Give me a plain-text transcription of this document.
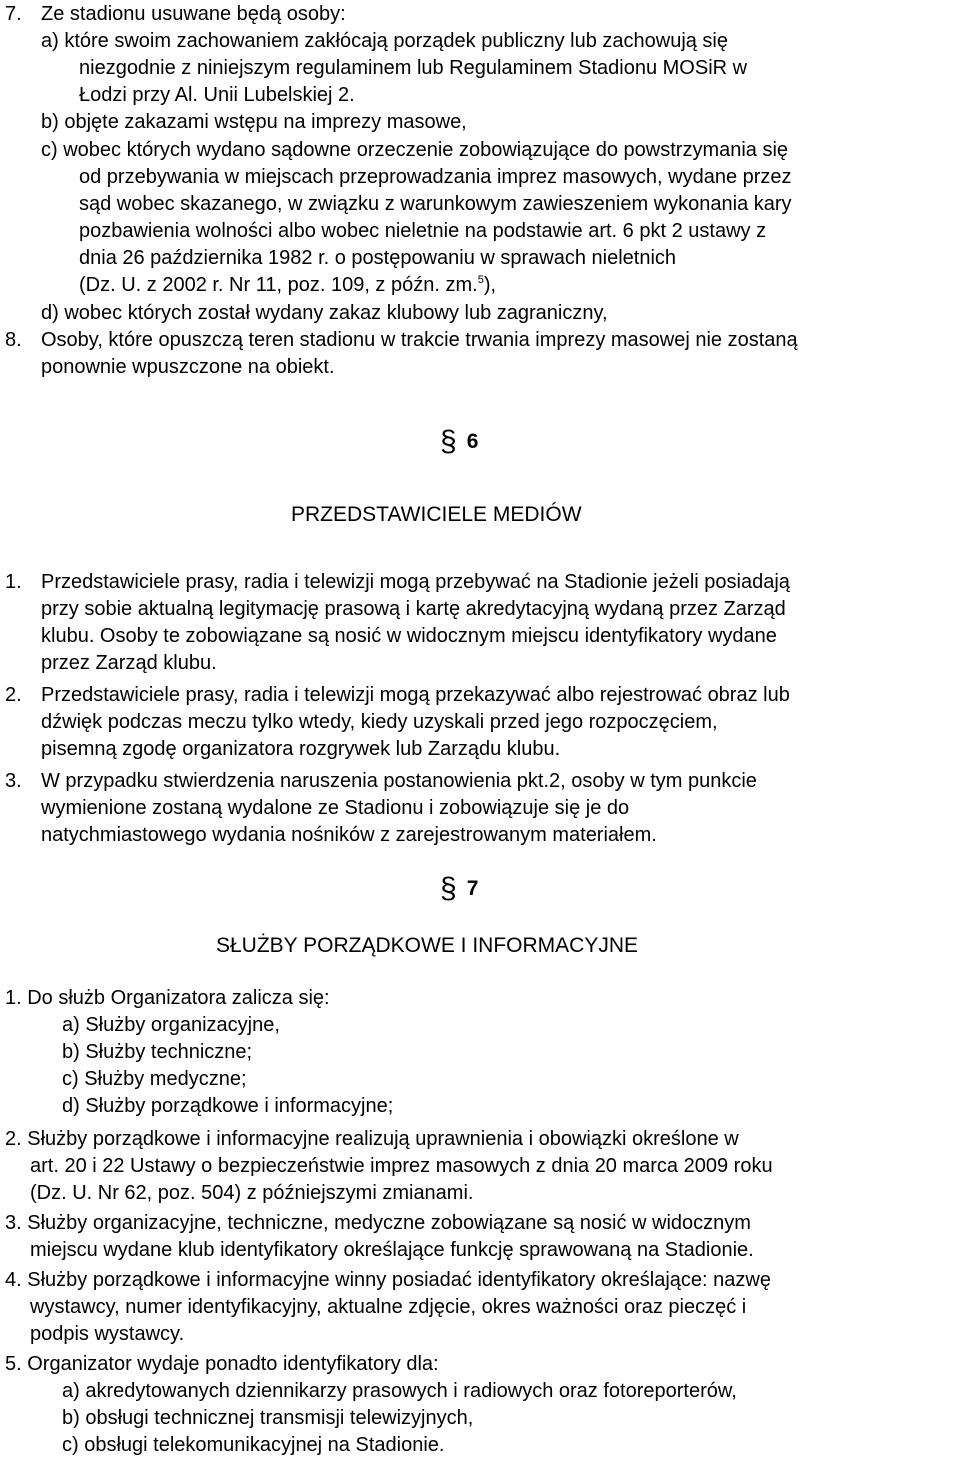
7. Ze stadionu usuwane będą osoby:
a) które swoim zachowaniem zakłócają porządek publiczny lub zachowują się
niezgodnie z niniejszym regulaminem lub Regulaminem Stadionu MOSiR w
Łodzi przy Al. Unii Lubelskiej 2.
b) objęte zakazami wstępu na imprezy masowe,
c) wobec których wydano sądowne orzeczenie zobowiązujące do powstrzymania się
od przebywania w miejscach przeprowadzania imprez masowych, wydane przez
sąd wobec skazanego, w związku z warunkowym zawieszeniem wykonania kary
pozbawienia wolności albo wobec nieletnie na podstawie art. 6 pkt 2 ustawy z
dnia 26 października 1982 r. o postępowaniu w sprawach nieletnich
(Dz. U. z 2002 r. Nr 11, poz. 109, z późn. zm.$^5$),
d) wobec których został wydany zakaz klubowy lub zagraniczny,
8. Osoby, które opuszczą teren stadionu w trakcie trwania imprezy masowej nie zostaną
ponownie wpuszczone na obiekt.
§ 6
PRZEDSTAWICIELE MEDIÓW
1. Przedstawiciele prasy, radia i telewizji mogą przebywać na Stadionie jeżeli posiadają
przy sobie aktualną legitymację prasową i kartę akredytacyjną wydaną przez Zarząd
klubu. Osoby te zobowiązane są nosić w widocznym miejscu identyfikatory wydane
przez Zarząd klubu.
2. Przedstawiciele prasy, radia i telewizji mogą przekazywać albo rejestrować obraz lub
dźwięk podczas meczu tylko wtedy, kiedy uzyskali przed jego rozpoczęciem,
pisemną zgodę organizatora rozgrywek lub Zarządu klubu.
3. W przypadku stwierdzenia naruszenia postanowienia pkt.2, osoby w tym punkcie
wymienione zostaną wydalone ze Stadionu i zobowiązuje się je do
natychmiastowego wydania nośników z zarejestrowanym materiałem.
§ 7
SŁUŻBY PORZĄDKOWE I INFORMACYJNE
1. Do służb Organizatora zalicza się:
a) Służby organizacyjne,
b) Służby techniczne;
c) Służby medyczne;
d) Służby porządkowe i informacyjne;
2. Służby porządkowe i informacyjne realizują uprawnienia i obowiązki określone w
art. 20 i 22 Ustawy o bezpieczeństwie imprez masowych z dnia 20 marca 2009 roku
(Dz. U. Nr 62, poz. 504) z późniejszymi zmianami.
3. Służby organizacyjne, techniczne, medyczne zobowiązane są nosić w widocznym
miejscu wydane klub identyfikatory określające funkcję sprawowaną na Stadionie.
4. Służby porządkowe i informacyjne winny posiadać identyfikatory określające: nazwę
wystawcy, numer identyfikacyjny, aktualne zdjęcie, okres ważności oraz pieczęć i
podpis wystawcy.
5. Organizator wydaje ponadto identyfikatory dla:
a) akredytowanych dziennikarzy prasowych i radiowych oraz fotoreporterów,
b) obsługi technicznej transmisji telewizyjnych,
c) obsługi telekomunikacyjnej na Stadionie.
